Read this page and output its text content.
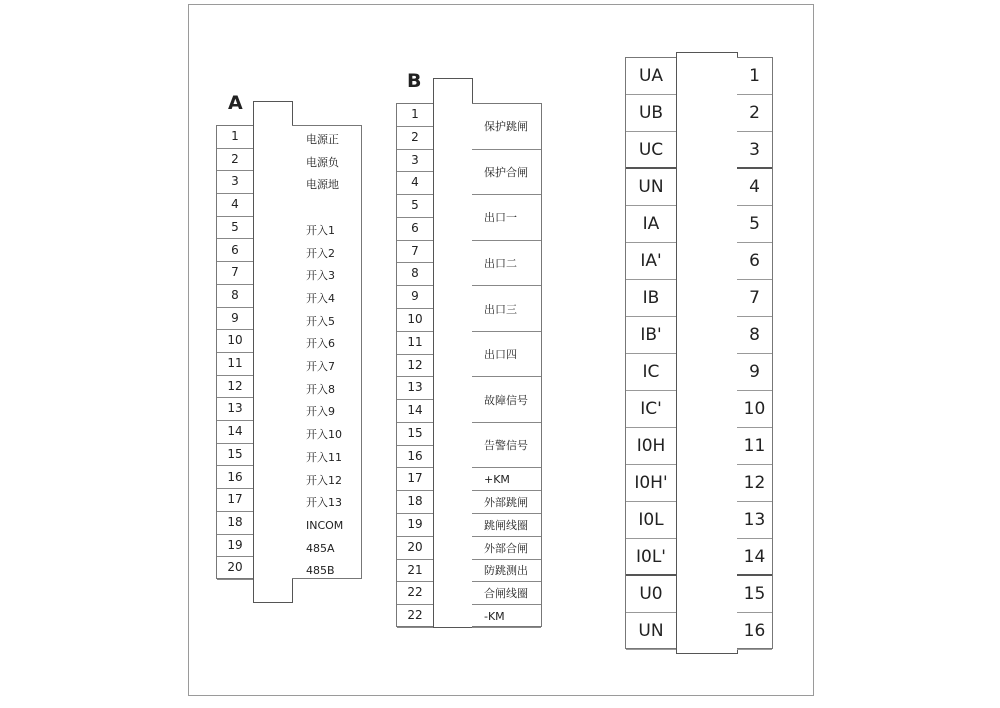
A
1
2
3
4
5
6
7
8
9
10
11
12
13
14
15
16
17
18
19
20
电源正
电源负
电源地
开入1
开入2
开入3
开入4
开入5
开入6
开入7
开入8
开入9
开入10
开入11
开入12
开入13
INCOM
485A
485B
B
1
2
3
4
5
6
7
8
9
10
11
12
13
14
15
16
17
18
19
20
21
22
22
保护跳闸
保护合闸
出口一
出口二
出口三
出口四
故障信号
告警信号
+KM
外部跳闸
跳闸线圈
外部合闸
防跳测出
合闸线圈
-KM
UA
UB
UC
UN
IA
IA'
IB
IB'
IC
IC'
I0H
I0H'
I0L
I0L'
U0
UN
1
2
3
4
5
6
7
8
9
10
11
12
13
14
15
16
